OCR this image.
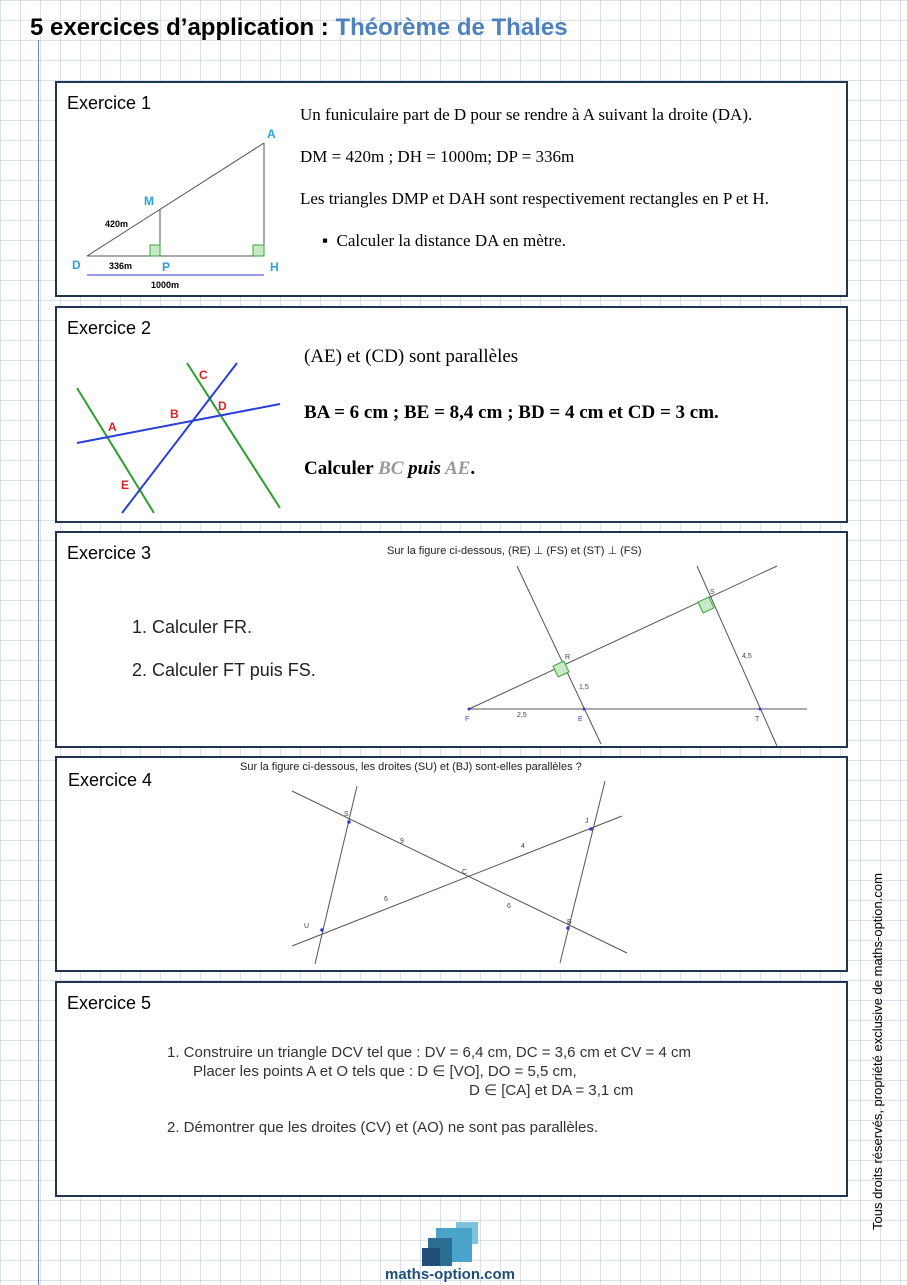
5 exercices d’application : Théorème de Thales
Exercice 1
A
M
D	P	H
420m
336m
1000m
Un funiculaire part de D pour se rendre à A suivant la droite (DA).
DM = 420m ; DH = 1000m; DP = 336m
Les triangles DMP et DAH sont respectivement rectangles en P et H.
▪  Calculer la distance DA en mètre.
Exercice 2
A
B
C
D
E
(AE) et (CD) sont parallèles
BA = 6 cm ; BE = 8,4 cm ; BD = 4 cm et CD = 3 cm.
Calculer BC puis AE.
Exercice 3
1. Calculer FR.
2. Calculer FT puis FS.
Sur la figure ci-dessous, (RE) ⊥ (FS) et (ST) ⊥ (FS)
F	E	T
R
S
2,5
1,5
4,5
Exercice 4
Sur la figure ci-dessous, les droites (SU) et (BJ) sont-elles parallèles ?
S
U
C
J
B
9
4
6
6
Exercice 5
1. Construire un triangle DCV tel que : DV = 6,4 cm, DC = 3,6 cm et CV = 4 cm
Placer les points A et O tels que : D ∈ [VO], DO = 5,5 cm,
D ∈ [CA] et DA = 3,1 cm
2. Démontrer que les droites (CV) et (AO) ne sont pas parallèles.	Tous droits réservés, propriété exclusive de maths-option.com
maths-option.com
